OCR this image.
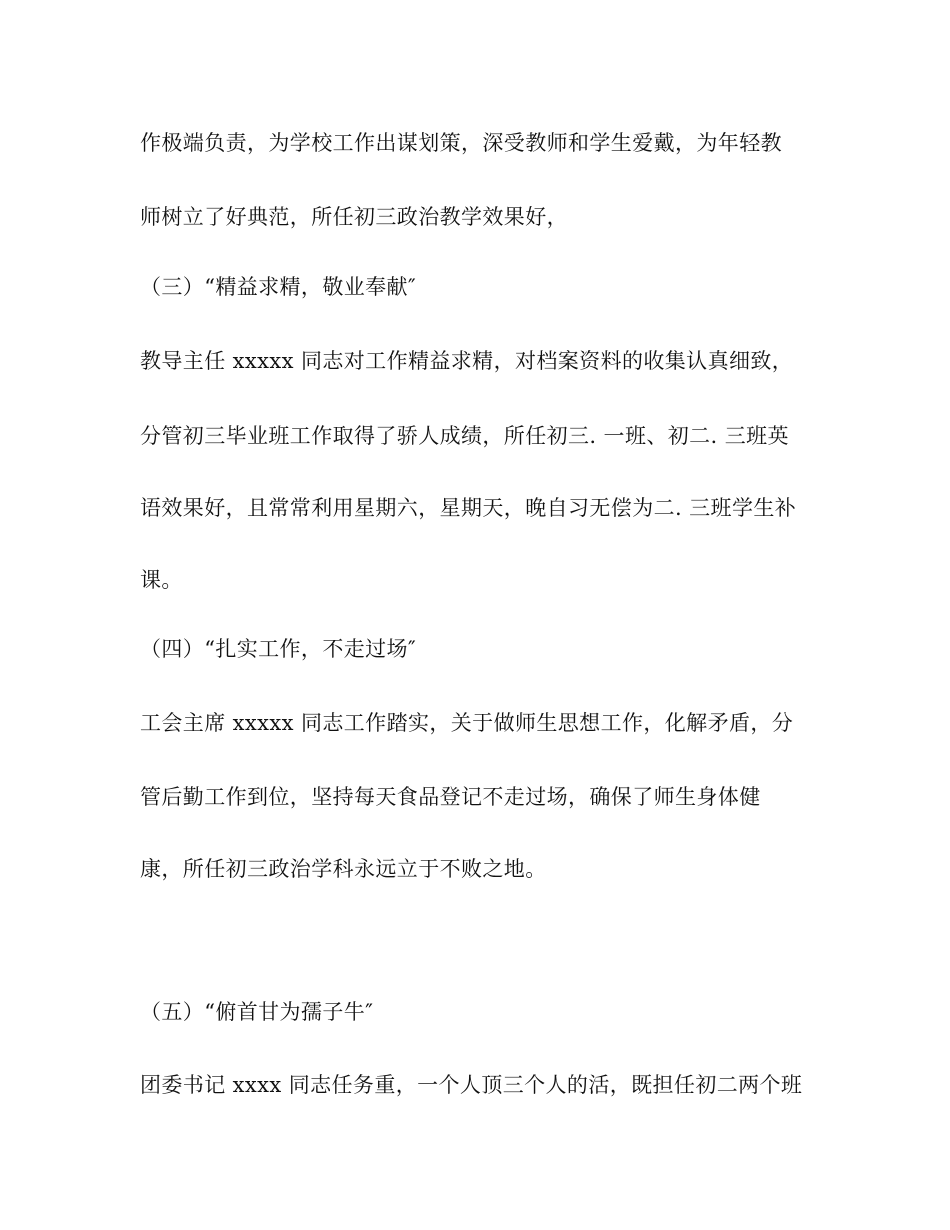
作极端负责，为学校工作出谋划策，深受教师和学生爱戴，为年轻教
师树立了好典范，所任初三政治教学效果好，
（三）“精益求精，敬业奉献″
教导主任 xxxxx 同志对工作精益求精，对档案资料的收集认真细致，
分管初三毕业班工作取得了骄人成绩，所任初三. 一班、初二. 三班英
语效果好，且常常利用星期六，星期天，晚自习无偿为二. 三班学生补
课。
（四）“扎实工作，不走过场″
工会主席 xxxxx 同志工作踏实，关于做师生思想工作，化解矛盾，分
管后勤工作到位，坚持每天食品登记不走过场，确保了师生身体健
康，所任初三政治学科永远立于不败之地。
（五）“俯首甘为孺子牛″
团委书记 xxxx 同志任务重，一个人顶三个人的活，既担任初二两个班
